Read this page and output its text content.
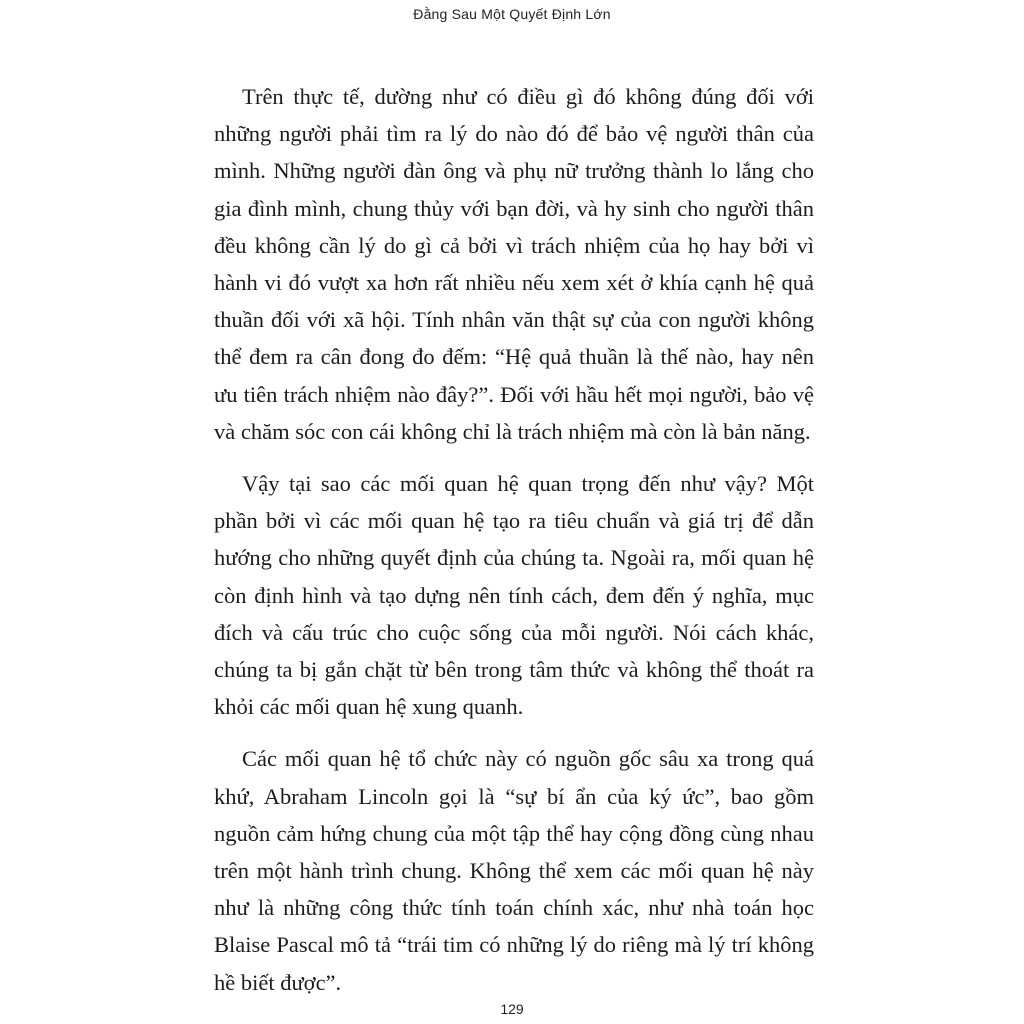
Đằng Sau Một Quyết Định Lớn

Trên thực tế, dường như có điều gì đó không đúng đối với những người phải tìm ra lý do nào đó để bảo vệ người thân của mình. Những người đàn ông và phụ nữ trưởng thành lo lắng cho gia đình mình, chung thủy với bạn đời, và hy sinh cho người thân đều không cần lý do gì cả bởi vì trách nhiệm của họ hay bởi vì hành vi đó vượt xa hơn rất nhiều nếu xem xét ở khía cạnh hệ quả thuần đối với xã hội. Tính nhân văn thật sự của con người không thể đem ra cân đong đo đếm: “Hệ quả thuần là thế nào, hay nên ưu tiên trách nhiệm nào đây?”. Đối với hầu hết mọi người, bảo vệ và chăm sóc con cái không chỉ là trách nhiệm mà còn là bản năng.

Vậy tại sao các mối quan hệ quan trọng đến như vậy? Một phần bởi vì các mối quan hệ tạo ra tiêu chuẩn và giá trị để dẫn hướng cho những quyết định của chúng ta. Ngoài ra, mối quan hệ còn định hình và tạo dựng nên tính cách, đem đến ý nghĩa, mục đích và cấu trúc cho cuộc sống của mỗi người. Nói cách khác, chúng ta bị gắn chặt từ bên trong tâm thức và không thể thoát ra khỏi các mối quan hệ xung quanh.

Các mối quan hệ tổ chức này có nguồn gốc sâu xa trong quá khứ, Abraham Lincoln gọi là “sự bí ẩn của ký ức”, bao gồm nguồn cảm hứng chung của một tập thể hay cộng đồng cùng nhau trên một hành trình chung. Không thể xem các mối quan hệ này như là những công thức tính toán chính xác, như nhà toán học Blaise Pascal mô tả “trái tim có những lý do riêng mà lý trí không hề biết được”.

129
